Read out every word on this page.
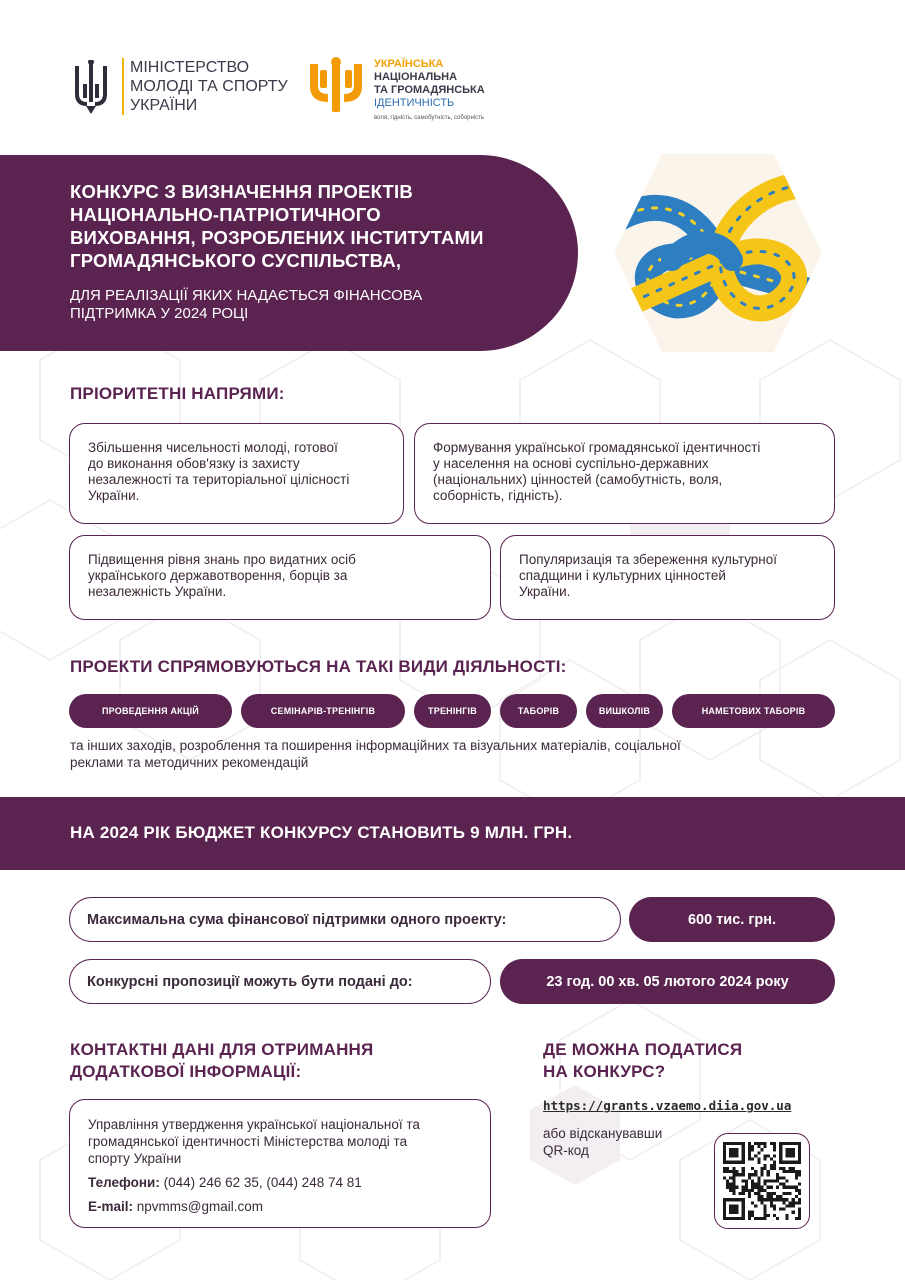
МІНІСТЕРСТВО
МОЛОДІ ТА СПОРТУ
УКРАЇНИ
УКРАЇНСЬКА
НАЦІОНАЛЬНА
ТА ГРОМАДЯНСЬКА
ІДЕНТИЧНІСТЬ
воля, гідність, самобутність, соборність
КОНКУРС З ВИЗНАЧЕННЯ ПРОЕКТІВ
НАЦІОНАЛЬНО-ПАТРІОТИЧНОГО
ВИХОВАННЯ, РОЗРОБЛЕНИХ ІНСТИТУТАМИ
ГРОМАДЯНСЬКОГО СУСПІЛЬСТВА,
ДЛЯ РЕАЛІЗАЦІЇ ЯКИХ НАДАЄТЬСЯ ФІНАНСОВА
ПІДТРИМКА У 2024 РОЦІ
ПРІОРИТЕТНІ НАПРЯМИ:
Збільшення чисельності молоді, готової
до виконання обов'язку із захисту
незалежності та територіальної цілісності
України.
Формування української громадянської ідентичності
у населення на основі суспільно-державних
(національних) цінностей (самобутність, воля,
соборність, гідність).
Підвищення рівня знань про видатних осіб
українського державотворення, борців за
незалежність України.
Популяризація та збереження культурної
спадщини і культурних цінностей
України.
ПРОЕКТИ СПРЯМОВУЮТЬСЯ НА ТАКІ ВИДИ ДІЯЛЬНОСТІ:
ПРОВЕДЕННЯ АКЦІЙ	СЕМІНАРІВ-ТРЕНІНГІВ	ТРЕНІНГІВ	ТАБОРІВ	ВИШКОЛІВ	НАМЕТОВИХ ТАБОРІВ
та інших заходів, розроблення та поширення інформаційних та візуальних матеріалів, соціальної
реклами та методичних рекомендацій
НА 2024 РІК БЮДЖЕТ КОНКУРСУ СТАНОВИТЬ 9 МЛН. ГРН.
Максимальна сума фінансової підтримки одного проекту:	600 тис. грн.
Конкурсні пропозиції можуть бути подані до:	23 год. 00 хв. 05 лютого 2024 року
КОНТАКТНІ ДАНІ ДЛЯ ОТРИМАННЯ
ДОДАТКОВОЇ ІНФОРМАЦІЇ:
Управління утвердження української національної та
громадянської ідентичності Міністерства молоді та
спорту України
Телефони: (044) 246 62 35, (044) 248 74 81
E-mail: npvmms@gmail.com
ДЕ МОЖНА ПОДАТИСЯ
НА КОНКУРС?
https://grants.vzaemo.diia.gov.ua
або відсканувавши
QR-код
